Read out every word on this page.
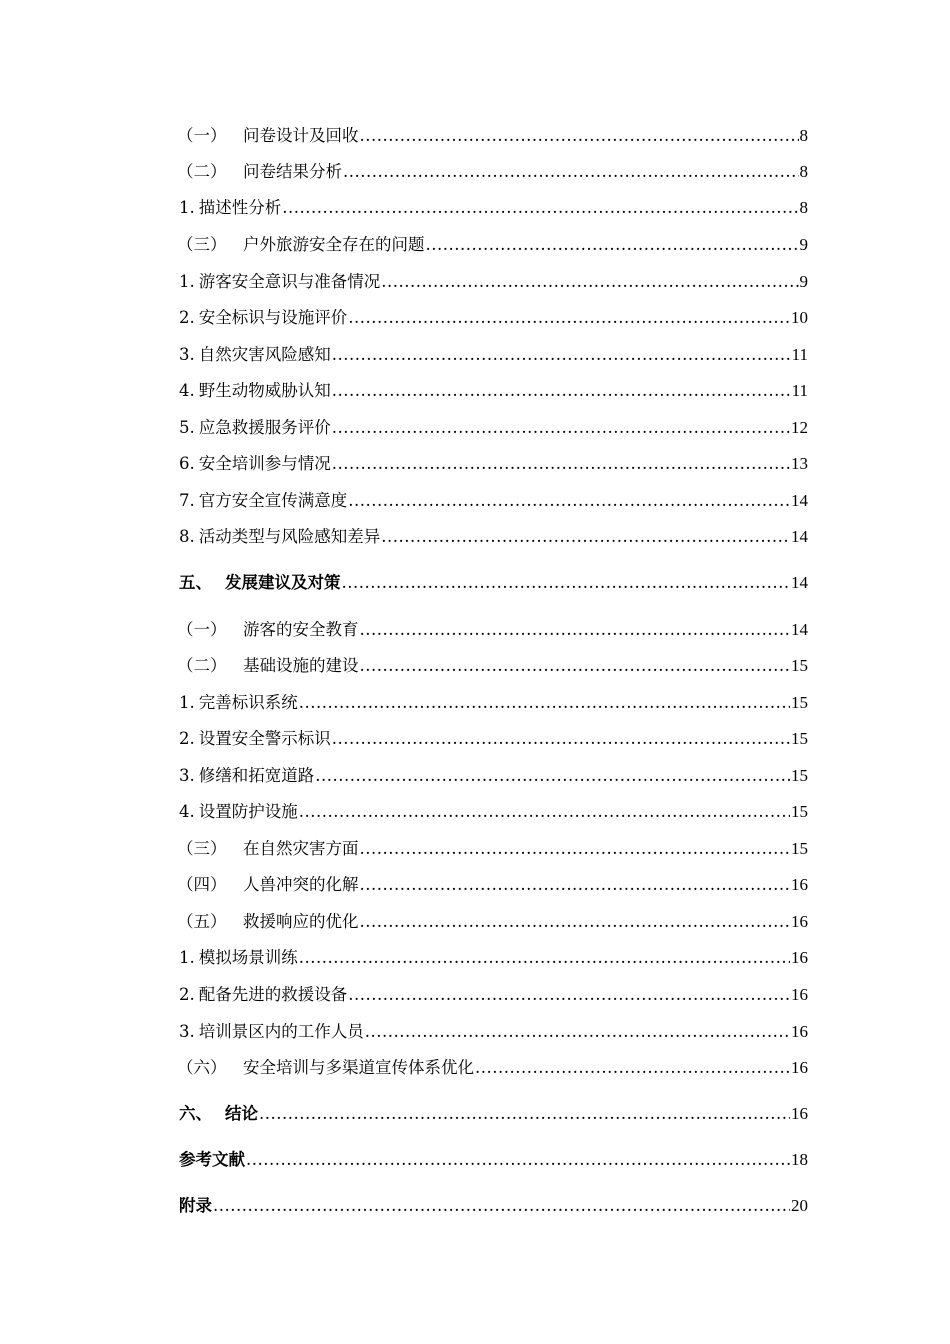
（一） 问卷设计及回收 .....	8
（二） 问卷结果分析 .....	8
1. 描述性分析 .....	8
（三） 户外旅游安全存在的问题 .....	9
1. 游客安全意识与准备情况 .....	9
2. 安全标识与设施评价 .....	10
3. 自然灾害风险感知 .....	11
4. 野生动物威胁认知 .....	11
5. 应急救援服务评价 .....	12
6. 安全培训参与情况 .....	13
7. 官方安全宣传满意度 .....	14
8. 活动类型与风险感知差异 .....	14
五、 发展建议及对策 .....	14
（一） 游客的安全教育 .....	14
（二） 基础设施的建设 .....	15
1. 完善标识系统 .....	15
2. 设置安全警示标识 .....	15
3. 修缮和拓宽道路 .....	15
4. 设置防护设施 .....	15
（三） 在自然灾害方面 .....	15
（四） 人兽冲突的化解 .....	16
（五） 救援响应的优化 .....	16
1. 模拟场景训练 .....	16
2. 配备先进的救援设备 .....	16
3. 培训景区内的工作人员 .....	16
（六） 安全培训与多渠道宣传体系优化 .....	16
六、 结论 .....	16
参考文献 .....	18
附录 .....	20
